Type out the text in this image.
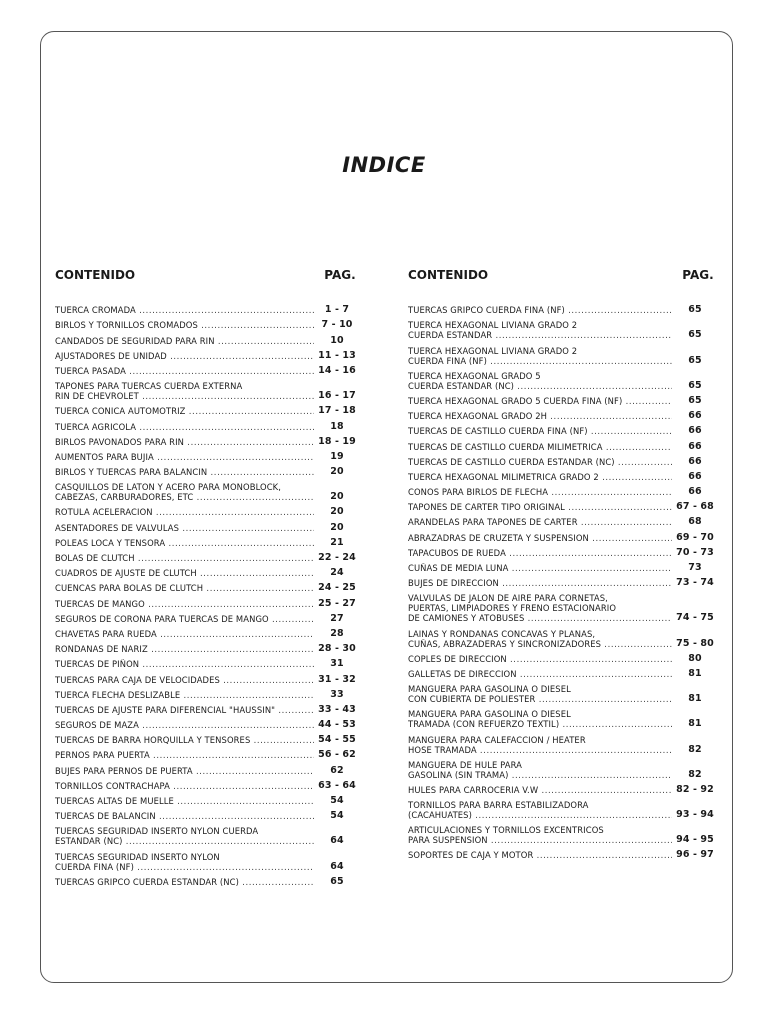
INDICE
CONTENIDO	PAG.
TUERCA CROMADA .....	1 - 7
BIRLOS Y TORNILLOS CROMADOS .....	7 - 10
CANDADOS DE SEGURIDAD PARA RIN .....	10
AJUSTADORES DE UNIDAD .....	11 - 13
TUERCA PASADA .....	14 - 16
TAPONES PARA TUERCAS CUERDA EXTERNA
RIN DE CHEVROLET .....	16 - 17
TUERCA CONICA AUTOMOTRIZ .....	17 - 18
TUERCA AGRICOLA .....	18
BIRLOS PAVONADOS PARA RIN .....	18 - 19
AUMENTOS PARA BUJIA .....	19
BIRLOS Y TUERCAS PARA BALANCIN .....	20
CASQUILLOS DE LATON Y ACERO PARA MONOBLOCK,
CABEZAS, CARBURADORES, ETC .....	20
ROTULA ACELERACION .....	20
ASENTADORES DE VALVULAS .....	20
POLEAS LOCA Y TENSORA .....	21
BOLAS DE CLUTCH .....	22 - 24
CUADROS DE AJUSTE DE CLUTCH .....	24
CUENCAS PARA BOLAS DE CLUTCH .....	24 - 25
TUERCAS DE MANGO .....	25 - 27
SEGUROS DE CORONA PARA TUERCAS DE MANGO .....	27
CHAVETAS PARA RUEDA .....	28
RONDANAS DE NARIZ .....	28 - 30
TUERCAS DE PIÑON .....	31
TUERCAS PARA CAJA DE VELOCIDADES .....	31 - 32
TUERCA FLECHA DESLIZABLE .....	33
TUERCAS DE AJUSTE PARA DIFERENCIAL "HAUSSIN" .....	33 - 43
SEGUROS DE MAZA .....	44 - 53
TUERCAS DE BARRA HORQUILLA Y TENSORES .....	54 - 55
PERNOS PARA PUERTA .....	56 - 62
BUJES PARA PERNOS DE PUERTA .....	62
TORNILLOS CONTRACHAPA .....	63 - 64
TUERCAS ALTAS DE MUELLE .....	54
TUERCAS DE BALANCIN .....	54
TUERCAS SEGURIDAD INSERTO NYLON CUERDA
ESTANDAR (NC) .....	64
TUERCAS SEGURIDAD INSERTO NYLON
CUERDA FINA (NF) .....	64
TUERCAS GRIPCO CUERDA ESTANDAR (NC) .....	65
CONTENIDO	PAG.
TUERCAS GRIPCO CUERDA FINA (NF) .....	65
TUERCA HEXAGONAL LIVIANA GRADO 2
CUERDA ESTANDAR .....	65
TUERCA HEXAGONAL LIVIANA GRADO 2
CUERDA FINA (NF) .....	65
TUERCA HEXAGONAL GRADO 5
CUERDA ESTANDAR (NC) .....	65
TUERCA HEXAGONAL GRADO 5 CUERDA FINA (NF) .....	65
TUERCA HEXAGONAL GRADO 2H .....	66
TUERCAS DE CASTILLO CUERDA FINA (NF) .....	66
TUERCAS DE CASTILLO CUERDA MILIMETRICA .....	66
TUERCAS DE CASTILLO CUERDA ESTANDAR (NC) .....	66
TUERCA HEXAGONAL MILIMETRICA GRADO 2 .....	66
CONOS PARA BIRLOS DE FLECHA .....	66
TAPONES DE CARTER TIPO ORIGINAL .....	67 - 68
ARANDELAS PARA TAPONES DE CARTER .....	68
ABRAZADRAS DE CRUZETA Y SUSPENSION .....	69 - 70
TAPACUBOS DE RUEDA .....	70 - 73
CUÑAS DE MEDIA LUNA .....	73
BUJES DE DIRECCION .....	73 - 74
VALVULAS DE JALON DE AIRE PARA CORNETAS,
PUERTAS, LIMPIADORES Y FRENO ESTACIONARIO
DE CAMIONES Y ATOBUSES .....	74 - 75
LAINAS Y RONDANAS CONCAVAS Y PLANAS,
CUÑAS, ABRAZADERAS Y SINCRONIZADORES .....	75 - 80
COPLES DE DIRECCION .....	80
GALLETAS DE DIRECCION .....	81
MANGUERA PARA GASOLINA O DIESEL
CON CUBIERTA DE POLIESTER .....	81
MANGUERA PARA GASOLINA O DIESEL
TRAMADA (CON REFUERZO TEXTIL) .....	81
MANGUERA PARA CALEFACCION / HEATER
HOSE TRAMADA .....	82
MANGUERA DE HULE PARA
GASOLINA (SIN TRAMA) .....	82
HULES PARA CARROCERIA V.W .....	82 - 92
TORNILLOS PARA BARRA ESTABILIZADORA
(CACAHUATES) .....	93 - 94
ARTICULACIONES Y TORNILLOS EXCENTRICOS
PARA SUSPENSION .....	94 - 95
SOPORTES DE CAJA Y MOTOR .....	96 - 97
